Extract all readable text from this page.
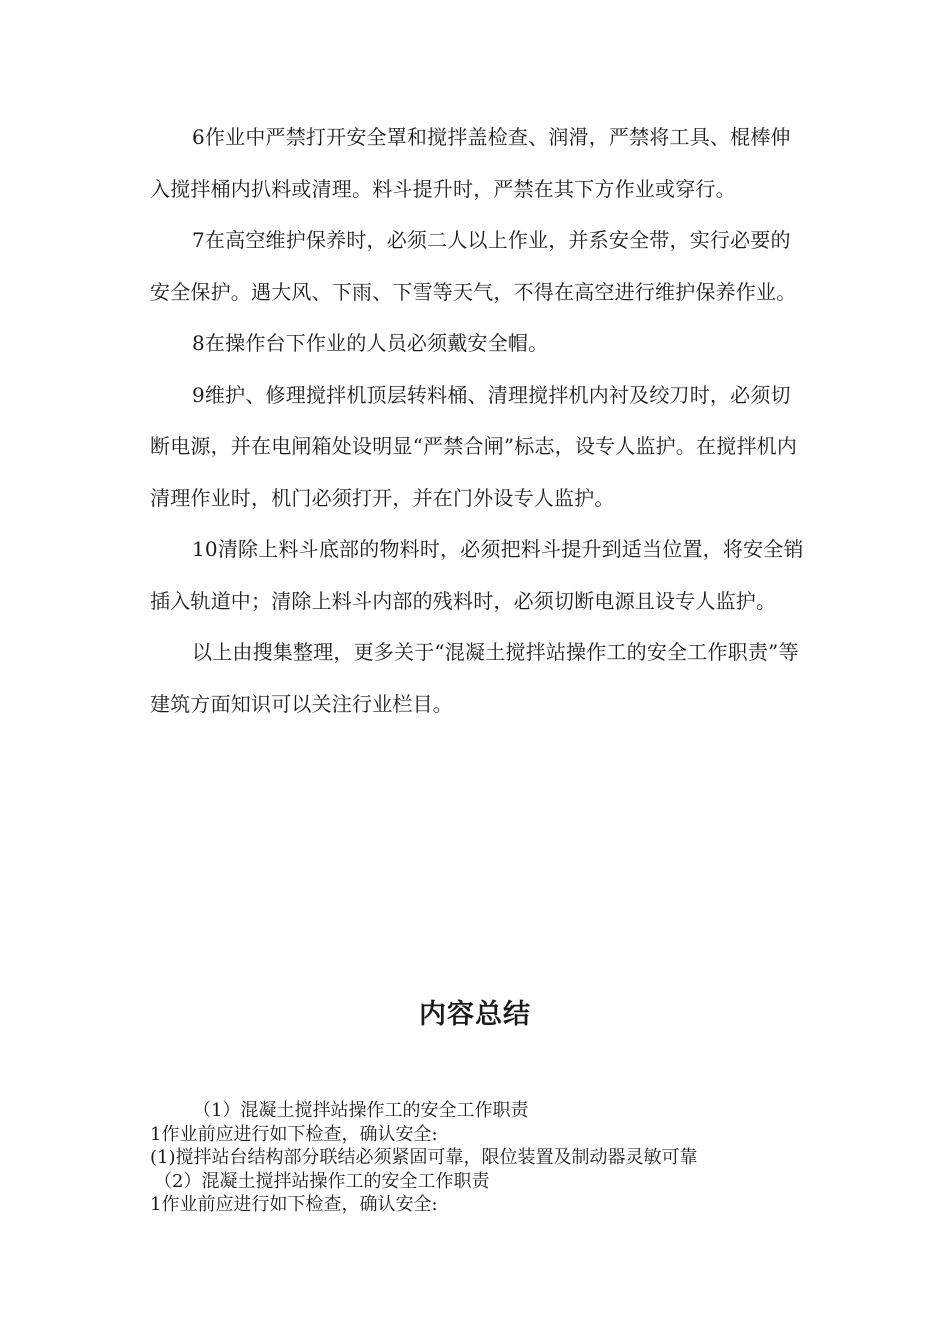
6作业中严禁打开安全罩和搅拌盖检查、润滑，严禁将工具、棍棒伸入搅拌桶内扒料或清理。料斗提升时，严禁在其下方作业或穿行。

7在高空维护保养时，必须二人以上作业，并系安全带，实行必要的安全保护。遇大风、下雨、下雪等天气，不得在高空进行维护保养作业。

8在操作台下作业的人员必须戴安全帽。

9维护、修理搅拌机顶层转料桶、清理搅拌机内衬及绞刀时，必须切断电源，并在电闸箱处设明显“严禁合闸”标志，设专人监护。在搅拌机内清理作业时，机门必须打开，并在门外设专人监护。

10清除上料斗底部的物料时，必须把料斗提升到适当位置，将安全销插入轨道中；清除上料斗内部的残料时，必须切断电源且设专人监护。

以上由搜集整理，更多关于“混凝土搅拌站操作工的安全工作职责”等建筑方面知识可以关注行业栏目。

内容总结
（1）混凝土搅拌站操作工的安全工作职责
1作业前应进行如下检查，确认安全:
(1)搅拌站台结构部分联结必须紧固可靠，限位装置及制动器灵敏可靠
（2）混凝土搅拌站操作工的安全工作职责
1作业前应进行如下检查，确认安全:
